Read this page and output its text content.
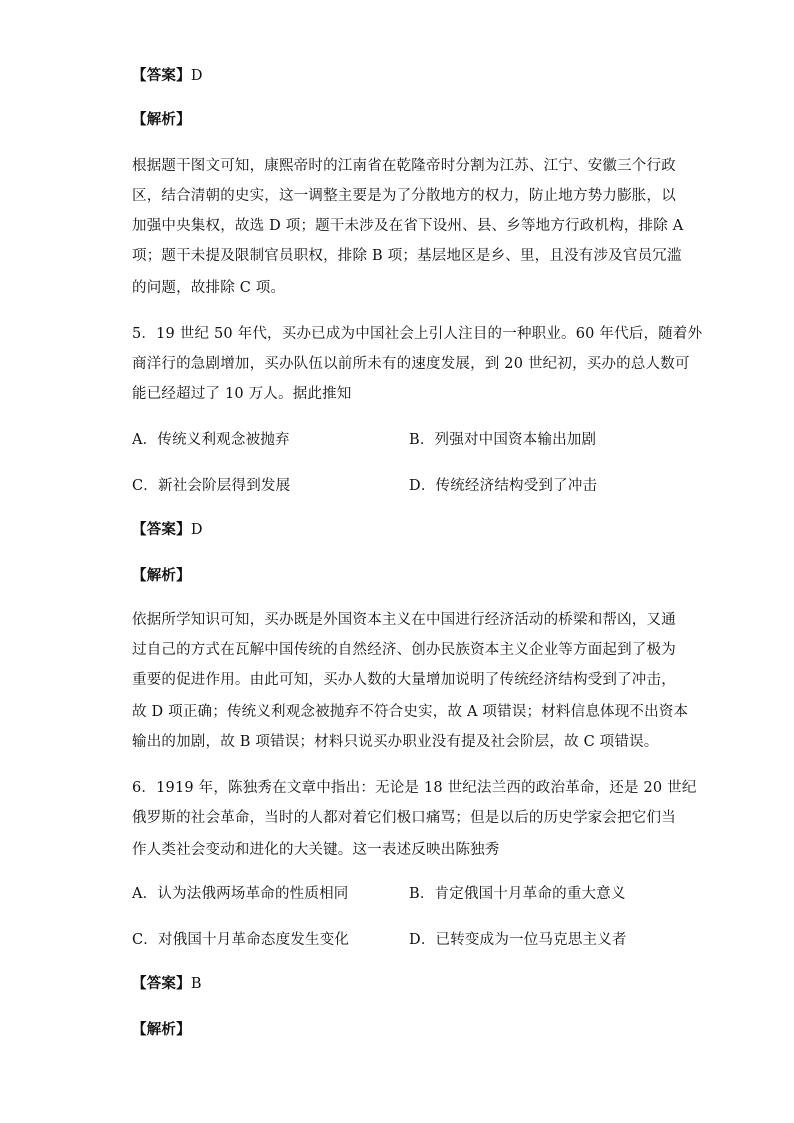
【答案】D
【解析】
根据题干图文可知，康熙帝时的江南省在乾隆帝时分割为江苏、江宁、安徽三个行政
区，结合清朝的史实，这一调整主要是为了分散地方的权力，防止地方势力膨胀，以
加强中央集权，故选 D 项；题干未涉及在省下设州、县、乡等地方行政机构，排除 A
项；题干未提及限制官员职权，排除 B 项；基层地区是乡、里，且没有涉及官员冗滥
的问题，故排除 C 项。
5．19 世纪 50 年代，买办已成为中国社会上引人注目的一种职业。60 年代后，随着外
商洋行的急剧增加，买办队伍以前所未有的速度发展，到 20 世纪初，买办的总人数可
能已经超过了 10 万人。据此推知
A．传统义利观念被抛弃	B．列强对中国资本输出加剧
C．新社会阶层得到发展	D．传统经济结构受到了冲击
【答案】D
【解析】
依据所学知识可知，买办既是外国资本主义在中国进行经济活动的桥梁和帮凶，又通
过自己的方式在瓦解中国传统的自然经济、创办民族资本主义企业等方面起到了极为
重要的促进作用。由此可知，买办人数的大量增加说明了传统经济结构受到了冲击，
故 D 项正确；传统义利观念被抛弃不符合史实，故 A 项错误；材料信息体现不出资本
输出的加剧，故 B 项错误；材料只说买办职业没有提及社会阶层，故 C 项错误。
6．1919 年，陈独秀在文章中指出：无论是 18 世纪法兰西的政治革命，还是 20 世纪
俄罗斯的社会革命，当时的人都对着它们极口痛骂；但是以后的历史学家会把它们当
作人类社会变动和进化的大关键。这一表述反映出陈独秀
A．认为法俄两场革命的性质相同	B．肯定俄国十月革命的重大意义
C．对俄国十月革命态度发生变化	D．已转变成为一位马克思主义者
【答案】B
【解析】
